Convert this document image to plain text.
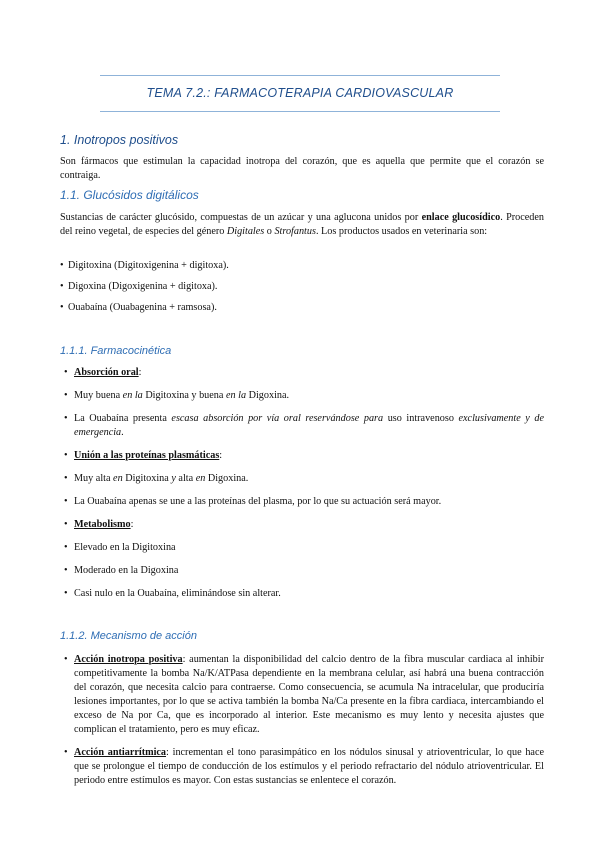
TEMA 7.2.: FARMACOTERAPIA CARDIOVASCULAR
1. Inotropos positivos
Son fármacos que estimulan la capacidad inotropa del corazón, que es aquella que permite que el corazón se contraiga.
1.1. Glucósidos digitálicos
Sustancias de carácter glucósido, compuestas de un azúcar y una aglucona unidos por enlace glucosídico. Proceden del reino vegetal, de especies del género Digitales o Strofantus. Los productos usados en veterinaria son:
• Digitoxina (Digitoxigenina + digitoxa).
• Digoxina (Digoxigenina + digitoxa).
• Ouabaína (Ouabagenina + ramsosa).
1.1.1. Farmacocinética
• Absorción oral:
• Muy buena en la Digitoxina y buena en la Digoxina.
• La Ouabaína presenta escasa absorción por vía oral reservándose para uso intravenoso exclusivamente y de emergencia.
• Unión a las proteínas plasmáticas:
• Muy alta en Digitoxina y alta en Digoxina.
• La Ouabaína apenas se une a las proteínas del plasma, por lo que su actuación será mayor.
• Metabolismo:
• Elevado en la Digitoxina
• Moderado en la Digoxina
• Casi nulo en la Ouabaína, eliminándose sin alterar.
1.1.2. Mecanismo de acción
• Acción inotropa positiva: aumentan la disponibilidad del calcio dentro de la fibra muscular cardiaca al inhibir competitivamente la bomba Na/K/ATPasa dependiente en la membrana celular, así habrá una buena contracción del corazón, que necesita calcio para contraerse. Como consecuencia, se acumula Na intracelular, que produciría lesiones importantes, por lo que se activa también la bomba Na/Ca presente en la fibra cardiaca, intercambiando el exceso de Na por Ca, que es incorporado al interior. Este mecanismo es muy lento y necesita ajustes que complican el tratamiento, pero es muy eficaz.
• Acción antiarrítmica: incrementan el tono parasimpático en los nódulos sinusal y atrioventricular, lo que hace que se prolongue el tiempo de conducción de los estímulos y el periodo refractario del nódulo atrioventricular. El periodo entre estímulos es mayor. Con estas sustancias se enlentece el corazón.
